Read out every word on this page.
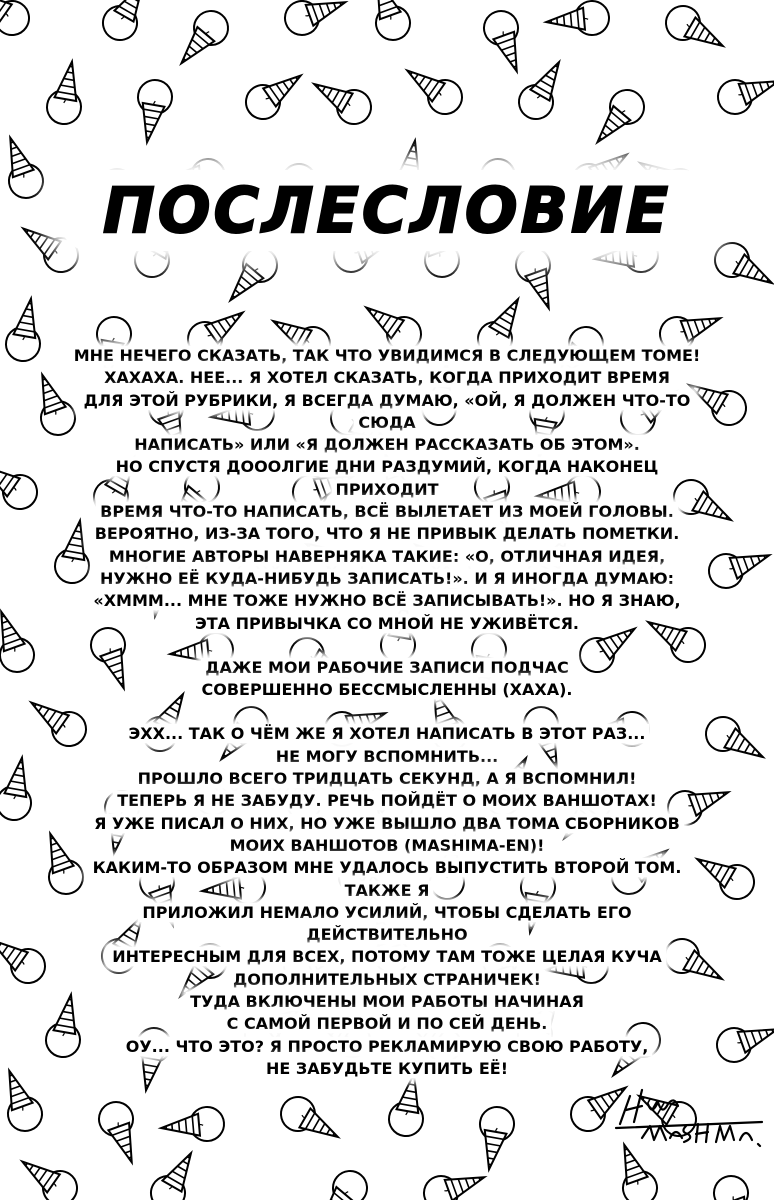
ПОСЛЕСЛОВИЕ
МНЕ НЕЧЕГО СКАЗАТЬ, ТАК ЧТО УВИДИМСЯ В СЛЕДУЮЩЕМ ТОМЕ!
ХАХАХА. НЕЕ... Я ХОТЕЛ СКАЗАТЬ, КОГДА ПРИХОДИТ ВРЕМЯ
ДЛЯ ЭТОЙ РУБРИКИ, Я ВСЕГДА ДУМАЮ, «ОЙ, Я ДОЛЖЕН ЧТО-ТО СЮДА
НАПИСАТЬ» ИЛИ «Я ДОЛЖЕН РАССКАЗАТЬ ОБ ЭТОМ».
НО СПУСТЯ ДОООЛГИЕ ДНИ РАЗДУМИЙ, КОГДА НАКОНЕЦ ПРИХОДИТ
ВРЕМЯ ЧТО-ТО НАПИСАТЬ, ВСЁ ВЫЛЕТАЕТ ИЗ МОЕЙ ГОЛОВЫ.
ВЕРОЯТНО, ИЗ-ЗА ТОГО, ЧТО Я НЕ ПРИВЫК ДЕЛАТЬ ПОМЕТКИ.
МНОГИЕ АВТОРЫ НАВЕРНЯКА ТАКИЕ: «О, ОТЛИЧНАЯ ИДЕЯ,
НУЖНО ЕЁ КУДА-НИБУДЬ ЗАПИСАТЬ!». И Я ИНОГДА ДУМАЮ:
«ХМММ... МНЕ ТОЖЕ НУЖНО ВСЁ ЗАПИСЫВАТЬ!». НО Я ЗНАЮ,
ЭТА ПРИВЫЧКА СО МНОЙ НЕ УЖИВЁТСЯ.
ДАЖЕ МОИ РАБОЧИЕ ЗАПИСИ ПОДЧАС
СОВЕРШЕННО БЕССМЫСЛЕННЫ (ХАХА).
ЭХХ... ТАК О ЧЁМ ЖЕ Я ХОТЕЛ НАПИСАТЬ В ЭТОТ РАЗ...
НЕ МОГУ ВСПОМНИТЬ...
ПРОШЛО ВСЕГО ТРИДЦАТЬ СЕКУНД, А Я ВСПОМНИЛ!
ТЕПЕРЬ Я НЕ ЗАБУДУ. РЕЧЬ ПОЙДЁТ О МОИХ ВАНШОТАХ!
Я УЖЕ ПИСАЛ О НИХ, НО УЖЕ ВЫШЛО ДВА ТОМА СБОРНИКОВ
МОИХ ВАНШОТОВ (MASHIMA-EN)!
КАКИМ-ТО ОБРАЗОМ МНЕ УДАЛОСЬ ВЫПУСТИТЬ ВТОРОЙ ТОМ. ТАКЖЕ Я
ПРИЛОЖИЛ НЕМАЛО УСИЛИЙ, ЧТОБЫ СДЕЛАТЬ ЕГО ДЕЙСТВИТЕЛЬНО
ИНТЕРЕСНЫМ ДЛЯ ВСЕХ, ПОТОМУ ТАМ ТОЖЕ ЦЕЛАЯ КУЧА
ДОПОЛНИТЕЛЬНЫХ СТРАНИЧЕК!
ТУДА ВКЛЮЧЕНЫ МОИ РАБОТЫ НАЧИНАЯ
С САМОЙ ПЕРВОЙ И ПО СЕЙ ДЕНЬ.
ОУ... ЧТО ЭТО? Я ПРОСТО РЕКЛАМИРУЮ СВОЮ РАБОТУ,
НЕ ЗАБУДЬТЕ КУПИТЬ ЕЁ!
